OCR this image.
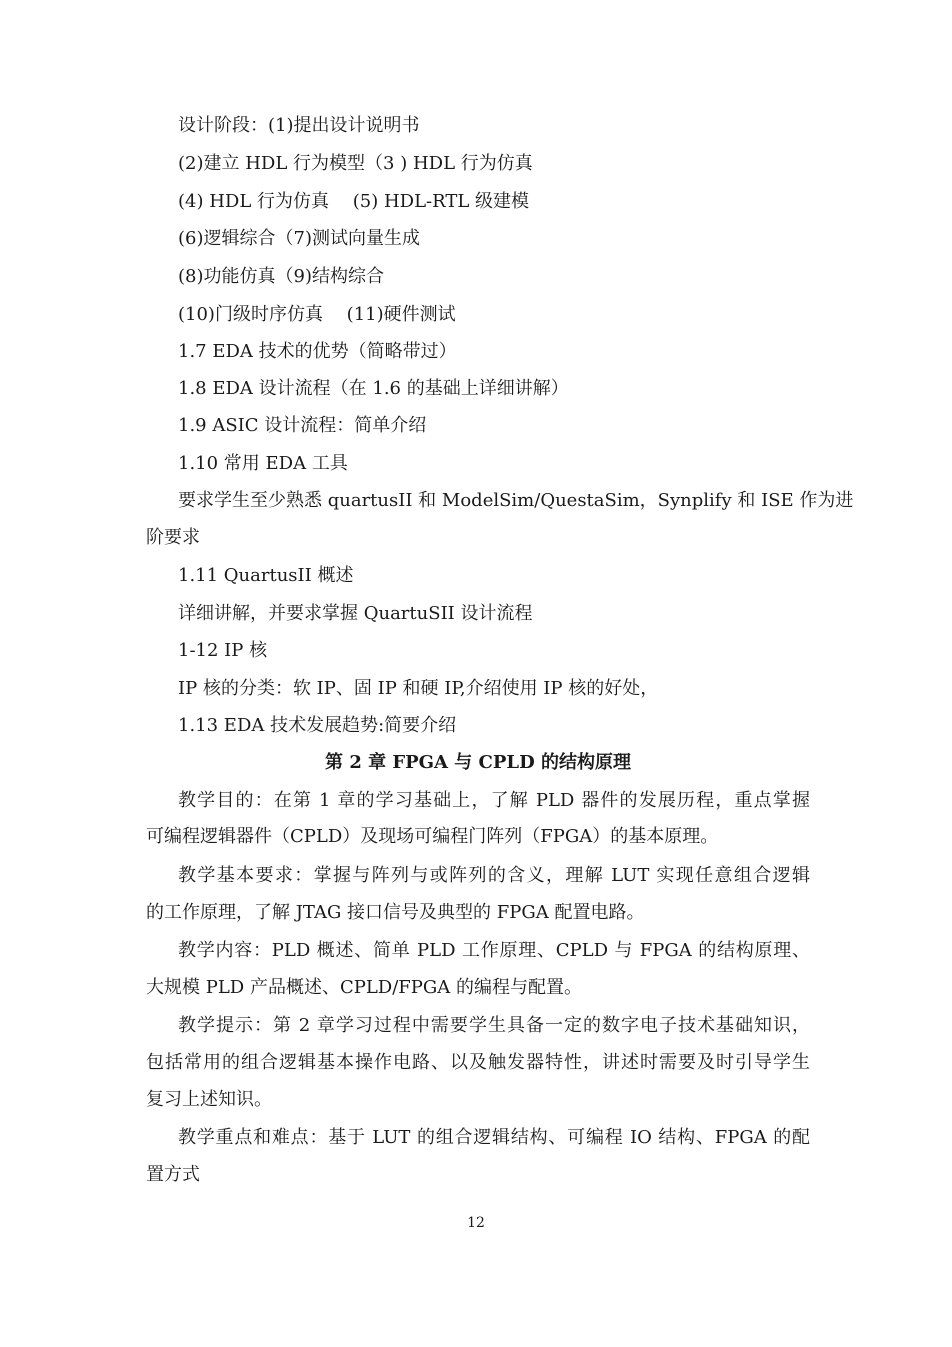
设计阶段：(1)提出设计说明书
(2)建立 HDL 行为模型（3 ) HDL 行为仿真
(4) HDL 行为仿真　 (5) HDL-RTL 级建模
(6)逻辑综合（7)测试向量生成
(8)功能仿真（9)结构综合
(10)门级时序仿真　 (11)硬件测试
1.7 EDA 技术的优势（简略带过）
1.8 EDA 设计流程（在 1.6 的基础上详细讲解）
1.9 ASIC 设计流程：简单介绍
1.10 常用 EDA 工具
要求学生至少熟悉 quartusII 和 ModelSim/QuestaSim，Synplify 和 ISE 作为进
阶要求
1.11 QuartusII 概述
详细讲解，并要求掌握 QuartuSII 设计流程
1-12 IP 核
IP 核的分类：软 IP、固 IP 和硬 IP,介绍使用 IP 核的好处，
1.13 EDA 技术发展趋势:简要介绍
第 2 章 FPGA 与 CPLD 的结构原理
教学目的：在第 1 章的学习基础上，了解 PLD 器件的发展历程，重点掌握
可编程逻辑器件（CPLD）及现场可编程门阵列（FPGA）的基本原理。
教学基本要求：掌握与阵列与或阵列的含义，理解 LUT 实现任意组合逻辑
的工作原理，了解 JTAG 接口信号及典型的 FPGA 配置电路。
教学内容：PLD 概述、简单 PLD 工作原理、CPLD 与 FPGA 的结构原理、
大规模 PLD 产品概述、CPLD/FPGA 的编程与配置。
教学提示：第 2 章学习过程中需要学生具备一定的数字电子技术基础知识，
包括常用的组合逻辑基本操作电路、以及触发器特性，讲述时需要及时引导学生
复习上述知识。
教学重点和难点：基于 LUT 的组合逻辑结构、可编程 IO 结构、FPGA 的配
置方式
12
